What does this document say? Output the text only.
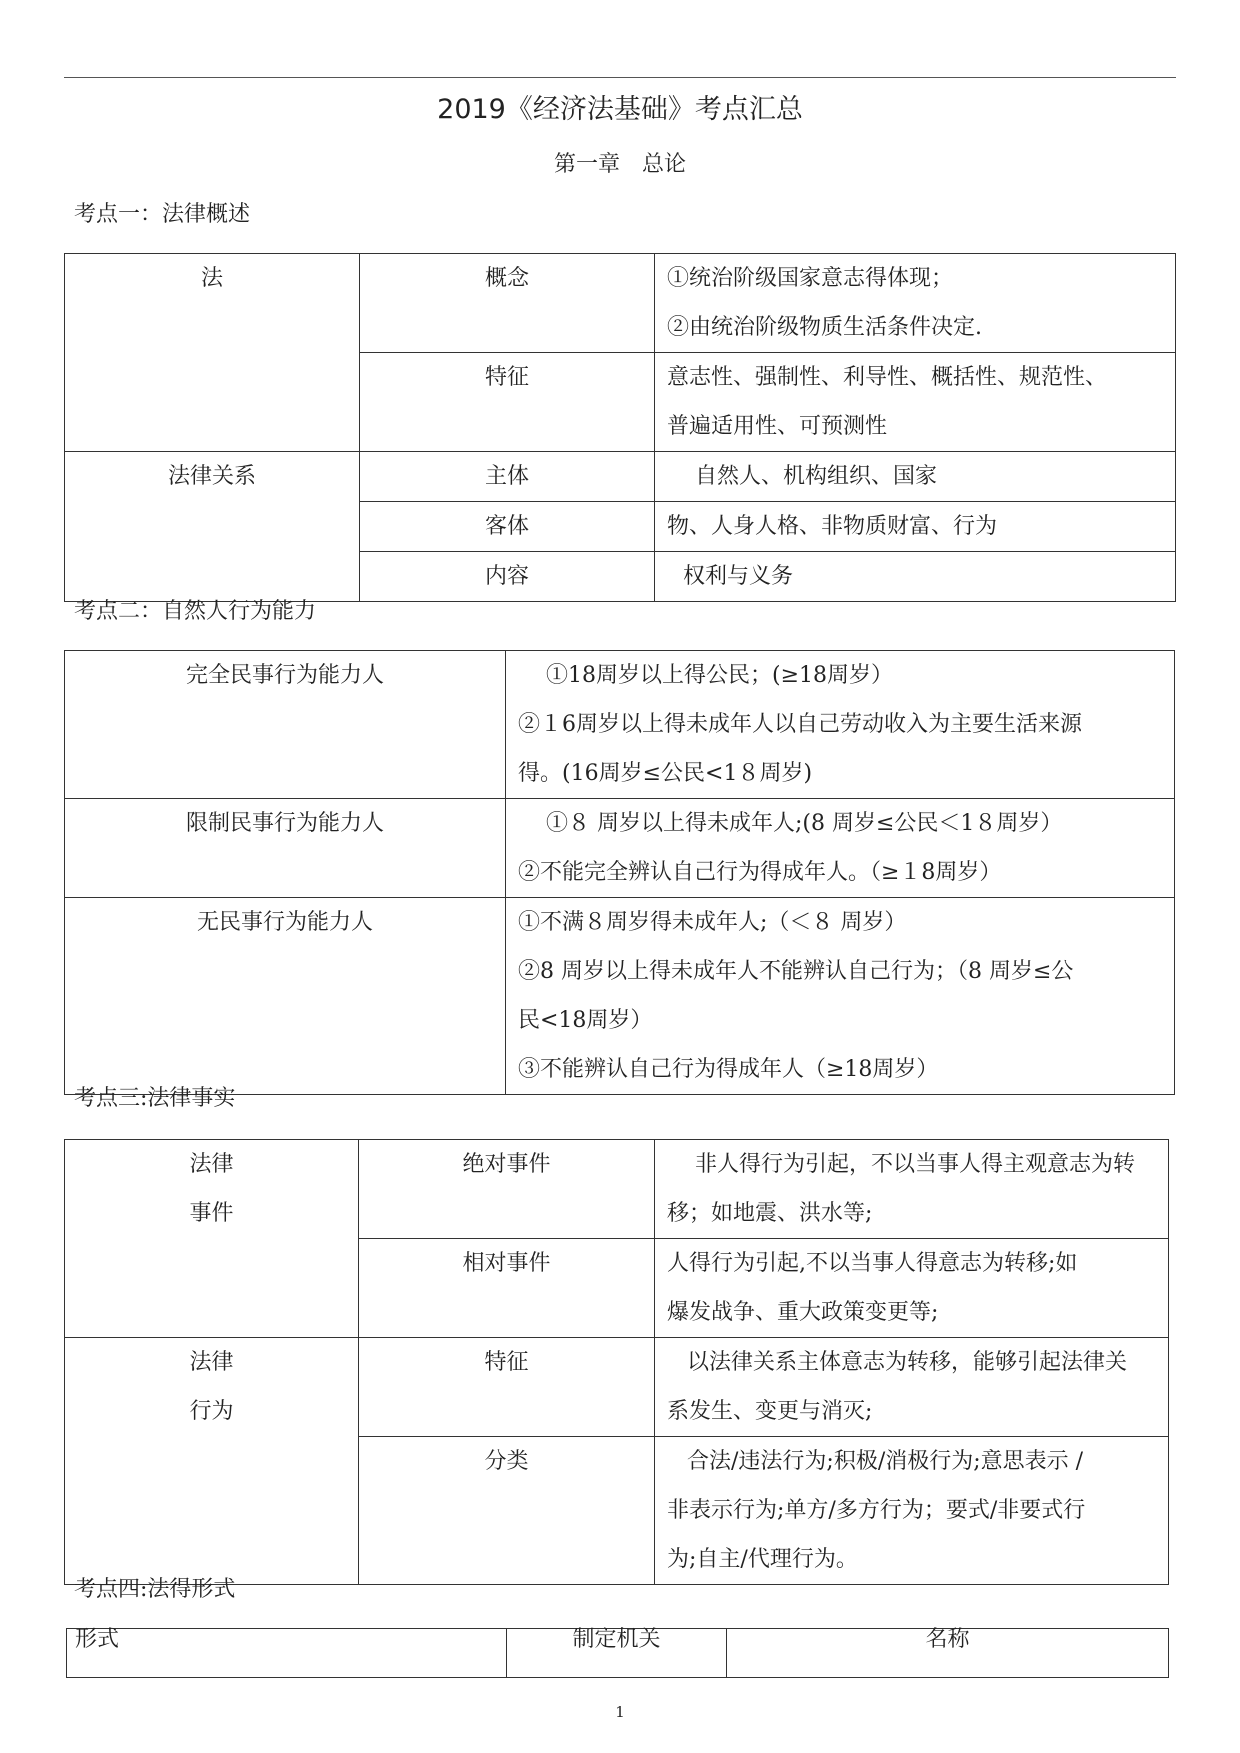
2019《经济法基础》考点汇总
第一章　总论
考点一：法律概述
法	概念	①统治阶级国家意志得体现；
②由统治阶级物质生活条件决定.

	特征	意志性、强制性、利导性、概括性、规范性、
普遍适用性、可预测性

法律关系	主体	自然人、机构组织、国家

	客体	物、人身人格、非物质财富、行为

	内容	权利与义务
考点二：自然人行为能力
完全民事行为能力人	①18周岁以上得公民；(≥18周岁）
②１6周岁以上得未成年人以自己劳动收入为主要生活来源
得。(16周岁≤公民<1８周岁)

限制民事行为能力人	①８ 周岁以上得未成年人;(8 周岁≤公民＜1８周岁）
②不能完全辨认自己行为得成年人。（≥１8周岁）

无民事行为能力人	①不满８周岁得未成年人;（＜８ 周岁）
②8 周岁以上得未成年人不能辨认自己行为；（8 周岁≤公
民<18周岁）
③不能辨认自己行为得成年人（≥18周岁）
考点三:法律事实
法律
事件	绝对事件	非人得行为引起，不以当事人得主观意志为转
移；如地震、洪水等;

	相对事件	人得行为引起,不以当事人得意志为转移;如
爆发战争、重大政策变更等;

法律
行为	特征	以法律关系主体意志为转移，能够引起法律关
系发生、变更与消灭;

	分类	合法/违法行为;积极/消极行为;意思表示 /
非表示行为;单方/多方行为；要式/非要式行
为;自主/代理行为。
考点四:法得形式
形式	制定机关	名称
1
